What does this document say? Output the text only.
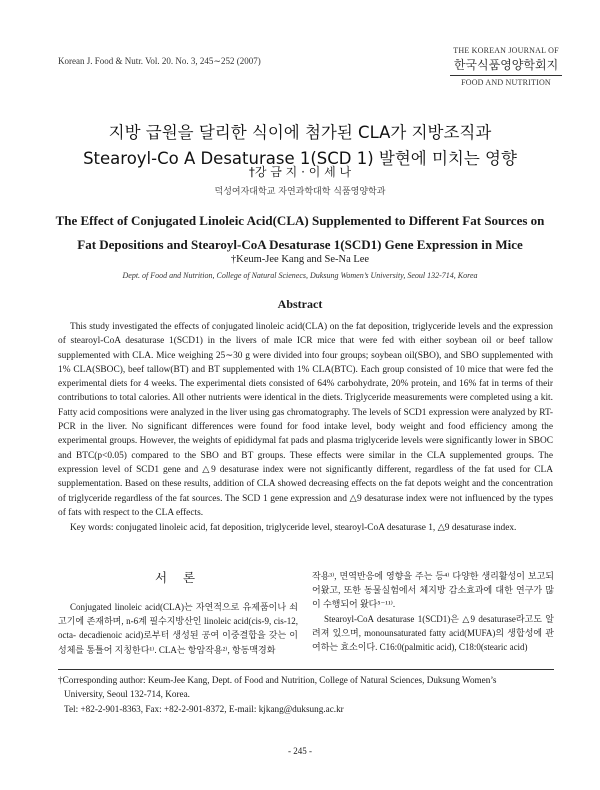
Korean J. Food & Nutr. Vol. 20. No. 3, 245∼252 (2007)
THE KOREAN JOURNAL OF
한국식품영양학회지
FOOD AND NUTRITION
지방 급원을 달리한 식이에 첨가된 CLA가 지방조직과
Stearoyl-Co A Desaturase 1(SCD 1) 발현에 미치는 영향
†강 금 지 · 이 세 나
덕성여자대학교 자연과학대학 식품영양학과
The Effect of Conjugated Linoleic Acid(CLA) Supplemented to Different Fat Sources on
Fat Depositions and Stearoyl-CoA Desaturase 1(SCD1) Gene Expression in Mice
†Keum-Jee Kang and Se-Na Lee
Dept. of Food and Nutrition, College of Natural Scienecs, Duksung Women’s University, Seoul 132-714, Korea
Abstract
This study investigated the effects of conjugated linoleic acid(CLA) on the fat deposition, triglyceride levels and the expression of stearoyl-CoA desaturase 1(SCD1) in the livers of male ICR mice that were fed with either soybean oil or beef tallow supplemented with CLA. Mice weighing 25∼30 g were divided into four groups; soybean oil(SBO), and SBO supplemented with 1% CLA(SBOC), beef tallow(BT) and BT supplemented with 1% CLA(BTC). Each group consisted of 10 mice that were fed the experimental diets for 4 weeks. The experimental diets consisted of 64% carbohydrate, 20% protein, and 16% fat in terms of their contributions to total calories. All other nutrients were identical in the diets. Triglyceride measurements were completed using a kit. Fatty acid compositions were analyzed in the liver using gas chromatography. The levels of SCD1 expression were analyzed by RT-PCR in the liver. No significant differences were found for food intake level, body weight and food efficiency among the experimental groups. However, the weights of epididymal fat pads and plasma triglyceride levels were significantly lower in SBOC and BTC(p<0.05) compared to the SBO and BT groups. These effects were similar in the CLA supplemented groups. The expression level of SCD1 gene and △9 desaturase index were not significantly different, regardless of the fat used for CLA supplementation. Based on these results, addition of CLA showed decreasing effects on the fat depots weight and the concentration of triglyceride regardless of the fat sources. The SCD 1 gene expression and △9 desaturase index were not influenced by the types of fats with respect to the CLA effects.
Key words: conjugated linoleic acid, fat deposition, triglyceride level, stearoyl-CoA desaturase 1, △9 desaturase index.
서 론
Conjugated linoleic acid(CLA)는 자연적으로 유제품이나 쇠고기에 존재하며, n-6계 필수지방산인 linoleic acid(cis-9, cis-12, octa- decadienoic acid)로부터 생성된 공여 이중결합을 갖는 이성체를 통틀어 지칭한다¹⁾. CLA는 항암작용²⁾, 항동맥경화

작용³⁾, 면역반응에 영향을 주는 등⁴⁾ 다양한 생리활성이 보고되어왔고, 또한 동물실험에서 체지방 감소효과에 대한 연구가 많이 수행되어 왔다⁵⁻¹¹⁾.

Stearoyl-CoA desaturase 1(SCD1)은 △9 desaturase라고도 알려져 있으며, monounsaturated fatty acid(MUFA)의 생합성에 관여하는 효소이다. C16:0(palmitic acid), C18:0(stearic acid)

†Corresponding author: Keum-Jee Kang, Dept. of Food and Nutrition, College of Natural Sciences, Duksung Women’s
University, Seoul 132-714, Korea.
Tel: +82-2-901-8363, Fax: +82-2-901-8372, E-mail: kjkang@duksung.ac.kr
- 245 -
